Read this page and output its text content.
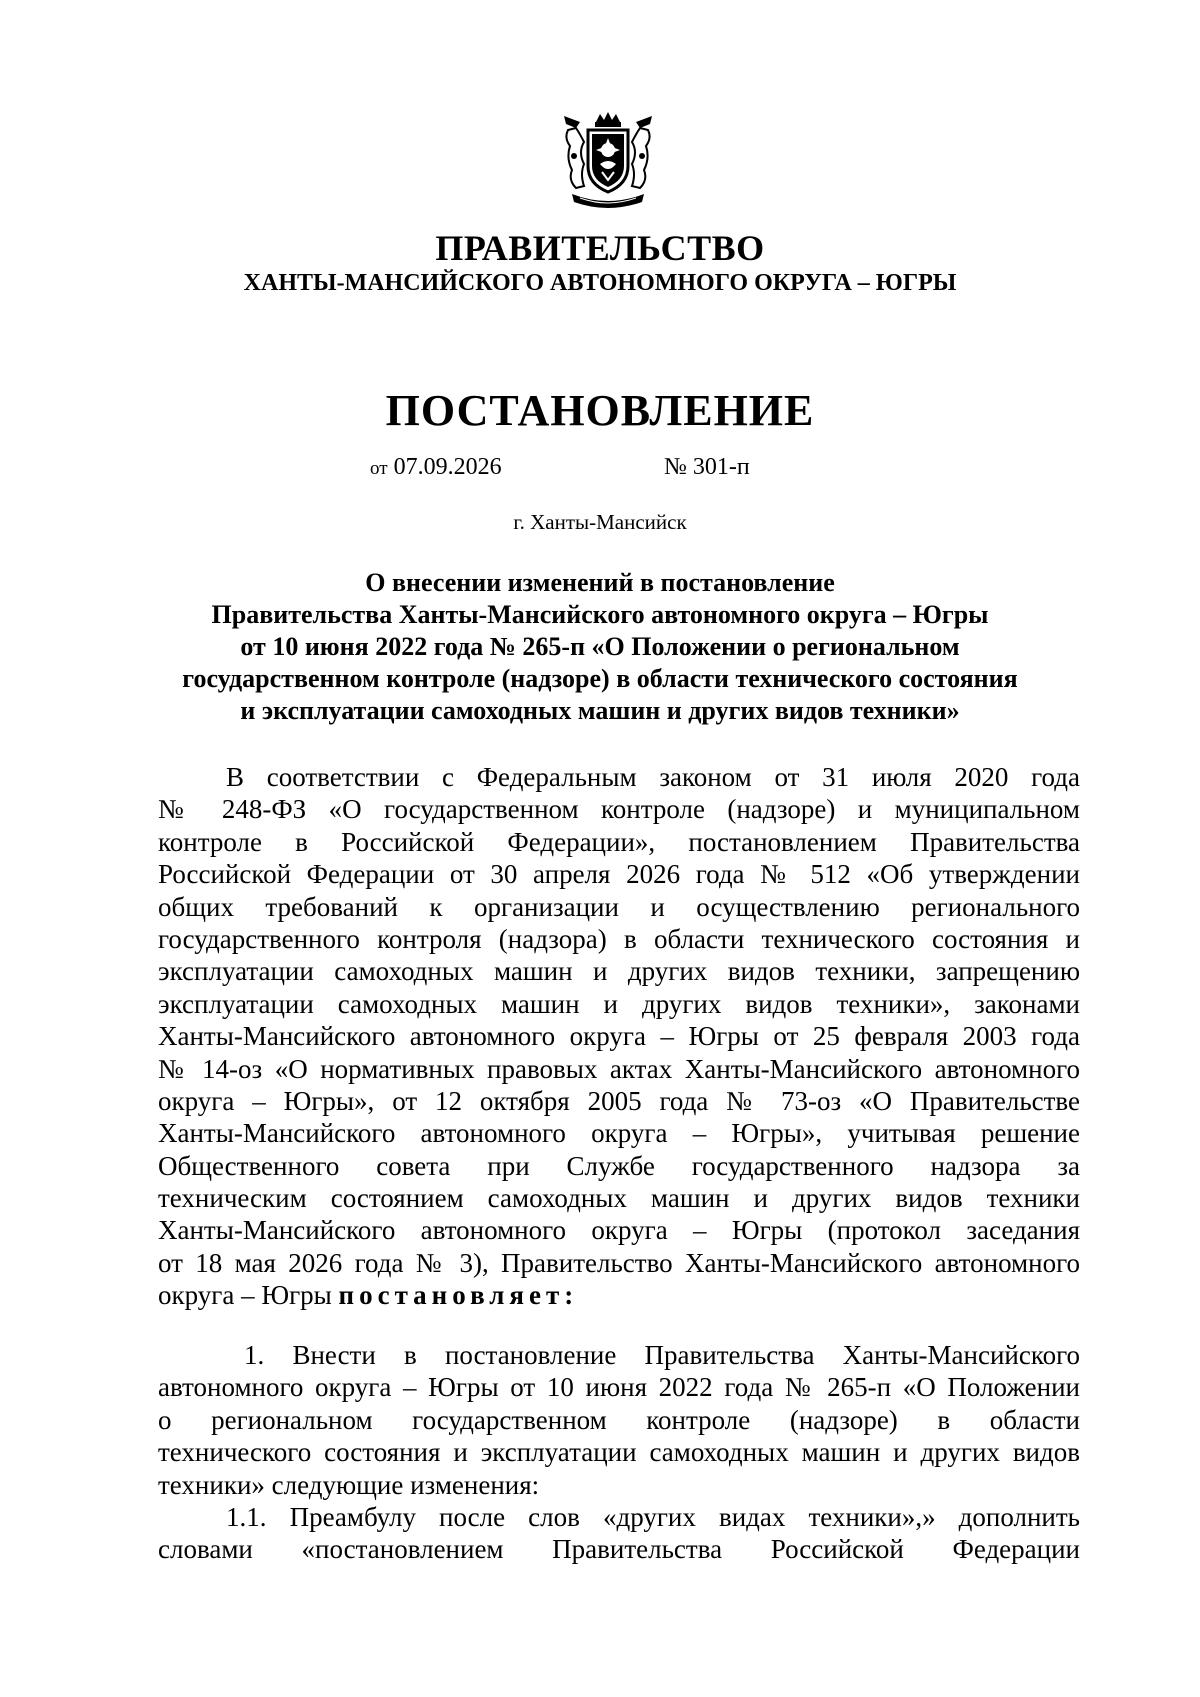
ПРАВИТЕЛЬСТВО
ХАНТЫ-МАНСИЙСКОГО АВТОНОМНОГО ОКРУГА – ЮГРЫ
ПОСТАНОВЛЕНИЕ
от 07.09.2026	№ 301-п
г. Ханты-Мансийск
О внесении изменений в постановление
Правительства Ханты-Мансийского автономного округа – Югры
от 10 июня 2022 года № 265-п «О Положении о региональном
государственном контроле (надзоре) в области технического состояния
и эксплуатации самоходных машин и других видов техники»
В соответствии с Федеральным законом от 31 июля 2020 года
№ 248-ФЗ «О государственном контроле (надзоре) и муниципальном
контроле в Российской Федерации», постановлением Правительства
Российской Федерации от 30 апреля 2026 года № 512 «Об утверждении
общих требований к организации и осуществлению регионального
государственного контроля (надзора) в области технического состояния и
эксплуатации самоходных машин и других видов техники, запрещению
эксплуатации самоходных машин и других видов техники», законами
Ханты-Мансийского автономного округа – Югры от 25 февраля 2003 года
№ 14-оз «О нормативных правовых актах Ханты-Мансийского автономного
округа – Югры», от 12 октября 2005 года № 73-оз «О Правительстве
Ханты-Мансийского автономного округа – Югры», учитывая решение
Общественного совета при Службе государственного надзора за
техническим состоянием самоходных машин и других видов техники
Ханты-Мансийского автономного округа – Югры (протокол заседания
от 18 мая 2026 года № 3), Правительство Ханты-Мансийского автономного
округа – Югры постановляет:
1. Внести в постановление Правительства Ханты-Мансийского
автономного округа – Югры от 10 июня 2022 года № 265-п «О Положении
о региональном государственном контроле (надзоре) в области
технического состояния и эксплуатации самоходных машин и других видов
техники» следующие изменения:
1.1. Преамбулу после слов «других видах техники»,» дополнить
словами «постановлением Правительства Российской Федерации
